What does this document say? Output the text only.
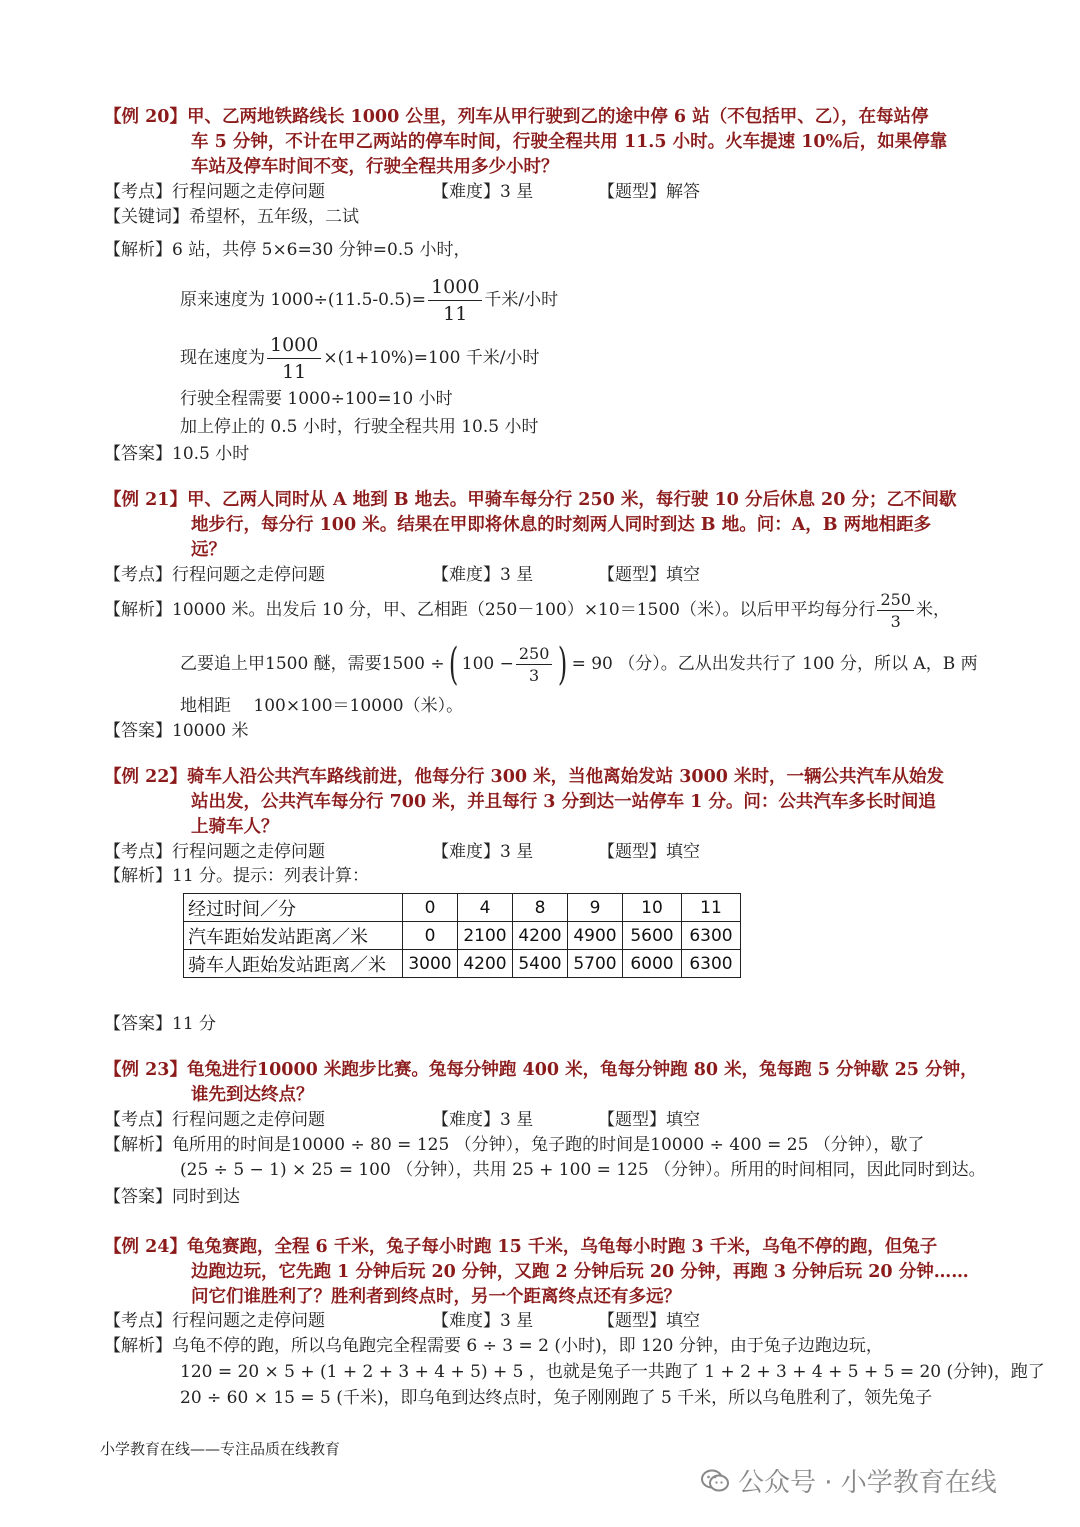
【例 20】甲、乙两地铁路线长 1000 公里，列车从甲行驶到乙的途中停 6 站（不包括甲、乙），在每站停
车 5 分钟，不计在甲乙两站的停车时间，行驶全程共用 11.5 小时。火车提速 10%后，如果停靠
车站及停车时间不变，行驶全程共用多少小时？
【考点】行程问题之走停问题	【难度】3 星	【题型】解答
【关键词】希望杯，五年级，二试
【解析】6 站，共停 5×6=30 分钟=0.5 小时，
原来速度为 $1000\div(11.5-0.5)= \frac{1000}{11}$ 千米/小时
现在速度为 $\frac{1000}{11} \times(1+10\%)=100$ 千米/小时
行驶全程需要 1000÷100=10 小时
加上停止的 0.5 小时，行驶全程共用 10.5 小时
【答案】10.5 小时
【例 21】甲、乙两人同时从 A 地到 B 地去。甲骑车每分行 250 米，每行驶 10 分后休息 20 分；乙不间歇
地步行，每分行 100 米。结果在甲即将休息的时刻两人同时到达 B 地。问：A，B 两地相距多
远？
【考点】行程问题之走停问题	【难度】3 星	【题型】填空
【解析】10000 米。出发后 10 分，甲、乙相距（250－100）×10＝1500（米）。以后甲平均每分行 $\frac{250}{3}$ 米，
乙要追上甲1500 醚，需要1500 ÷( $100 - \frac{250}{3}$ ) = 90 （分）。乙从出发共行了 100 分，所以 A，B 两
地相距　 100×100＝10000（米）。
【答案】10000 米
【例 22】骑车人沿公共汽车路线前进，他每分行 300 米，当他离始发站 3000 米时，一辆公共汽车从始发
站出发，公共汽车每分行 700 米，并且每行 3 分到达一站停车 1 分。问：公共汽车多长时间追
上骑车人？
【考点】行程问题之走停问题	【难度】3 星	【题型】填空
【解析】11 分。提示：列表计算：
经过时间／分	0	4	8	9	10	11
汽车距始发站距离／米	0	2100	4200	4900	5600	6300
骑车人距始发站距离／米	3000	4200	5400	5700	6000	6300
【答案】11 分
【例 23】龟兔进行10000 米跑步比赛。兔每分钟跑 400 米，龟每分钟跑 80 米，兔每跑 5 分钟歇 25 分钟，
谁先到达终点？
【考点】行程问题之走停问题	【难度】3 星	【题型】填空
【解析】龟所用的时间是10000 ÷ 80 = 125 （分钟），兔子跑的时间是10000 ÷ 400 = 25 （分钟），歇了
(25 ÷ 5 − 1) × 25 = 100 （分钟），共用 25 + 100 = 125 （分钟）。所用的时间相同，因此同时到达。
【答案】同时到达
【例 24】龟兔赛跑，全程 6 千米，兔子每小时跑 15 千米，乌龟每小时跑 3 千米，乌龟不停的跑，但兔子
边跑边玩，它先跑 1 分钟后玩 20 分钟，又跑 2 分钟后玩 20 分钟，再跑 3 分钟后玩 20 分钟……
问它们谁胜利了？胜利者到终点时，另一个距离终点还有多远？
【考点】行程问题之走停问题	【难度】3 星	【题型】填空
【解析】乌龟不停的跑，所以乌龟跑完全程需要 6 ÷ 3 = 2 (小时)，即 120 分钟，由于兔子边跑边玩，
120 = 20 × 5 + (1 + 2 + 3 + 4 + 5) + 5 ，也就是兔子一共跑了 1 + 2 + 3 + 4 + 5 + 5 = 20 (分钟)，跑了
20 ÷ 60 × 15 = 5 (千米)，即乌龟到达终点时，兔子刚刚跑了 5 千米，所以乌龟胜利了，领先兔子
小学教育在线——专注品质在线教育
公众号 · 小学教育在线
